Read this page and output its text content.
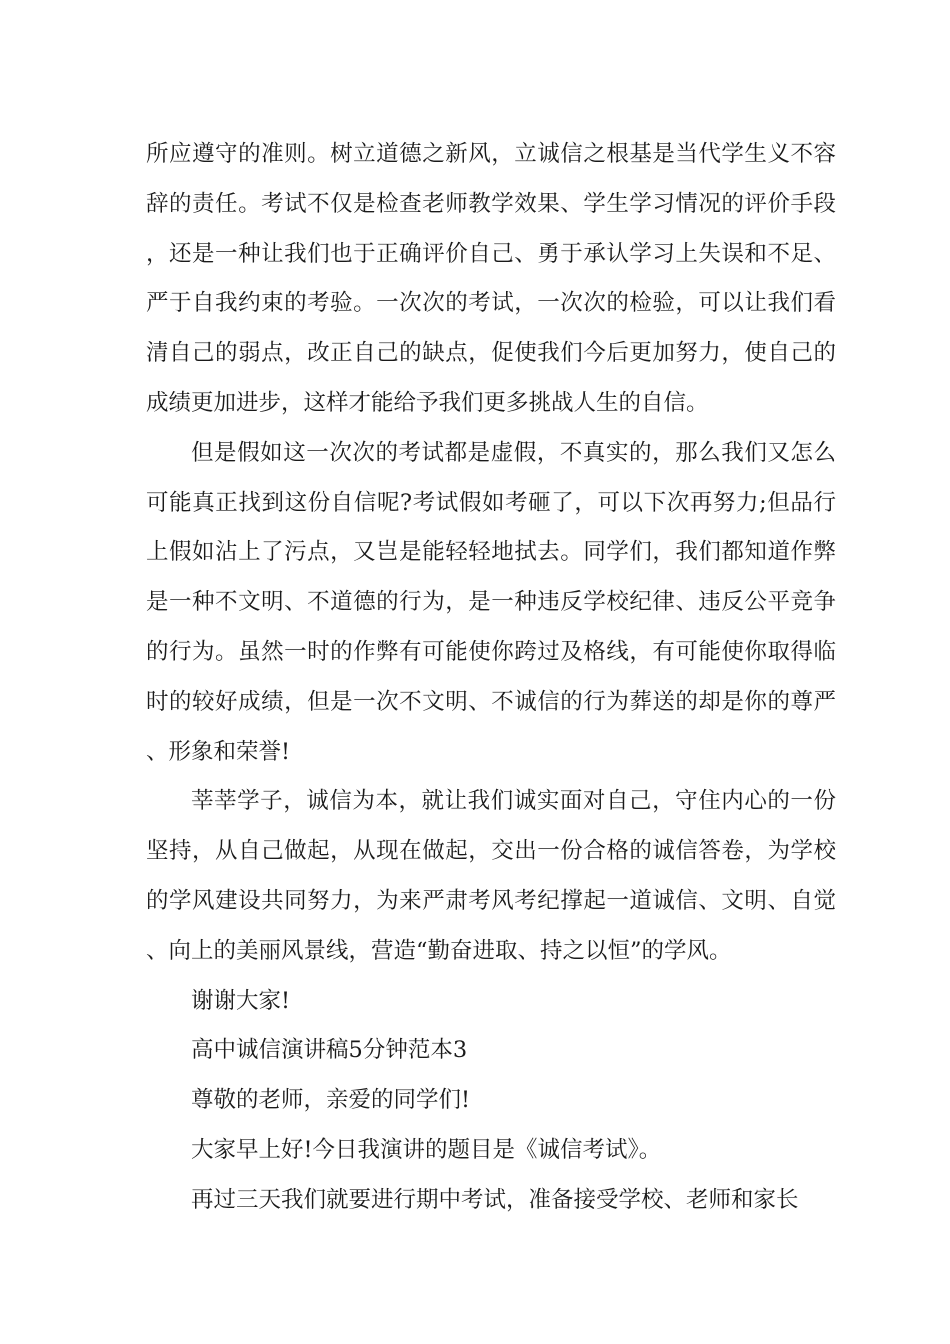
所应遵守的准则。树立道德之新风，立诚信之根基是当代学生义不容辞的责任。考试不仅是检查老师教学效果、学生学习情况的评价手段，还是一种让我们也于正确评价自己、勇于承认学习上失误和不足、严于自我约束的考验。一次次的考试，一次次的检验，可以让我们看清自己的弱点，改正自己的缺点，促使我们今后更加努力，使自己的成绩更加进步，这样才能给予我们更多挑战人生的自信。

但是假如这一次次的考试都是虚假，不真实的，那么我们又怎么可能真正找到这份自信呢?考试假如考砸了，可以下次再努力;但品行上假如沾上了污点，又岂是能轻轻地拭去。同学们，我们都知道作弊是一种不文明、不道德的行为，是一种违反学校纪律、违反公平竞争的行为。虽然一时的作弊有可能使你跨过及格线，有可能使你取得临时的较好成绩，但是一次不文明、不诚信的行为葬送的却是你的尊严、形象和荣誉!

莘莘学子，诚信为本，就让我们诚实面对自己，守住内心的一份坚持，从自己做起，从现在做起，交出一份合格的诚信答卷，为学校的学风建设共同努力，为来严肃考风考纪撑起一道诚信、文明、自觉、向上的美丽风景线，营造“勤奋进取、持之以恒”的学风。

谢谢大家!

高中诚信演讲稿5分钟范本3

尊敬的老师，亲爱的同学们!

大家早上好!今日我演讲的题目是《诚信考试》。

再过三天我们就要进行期中考试，准备接受学校、老师和家长
